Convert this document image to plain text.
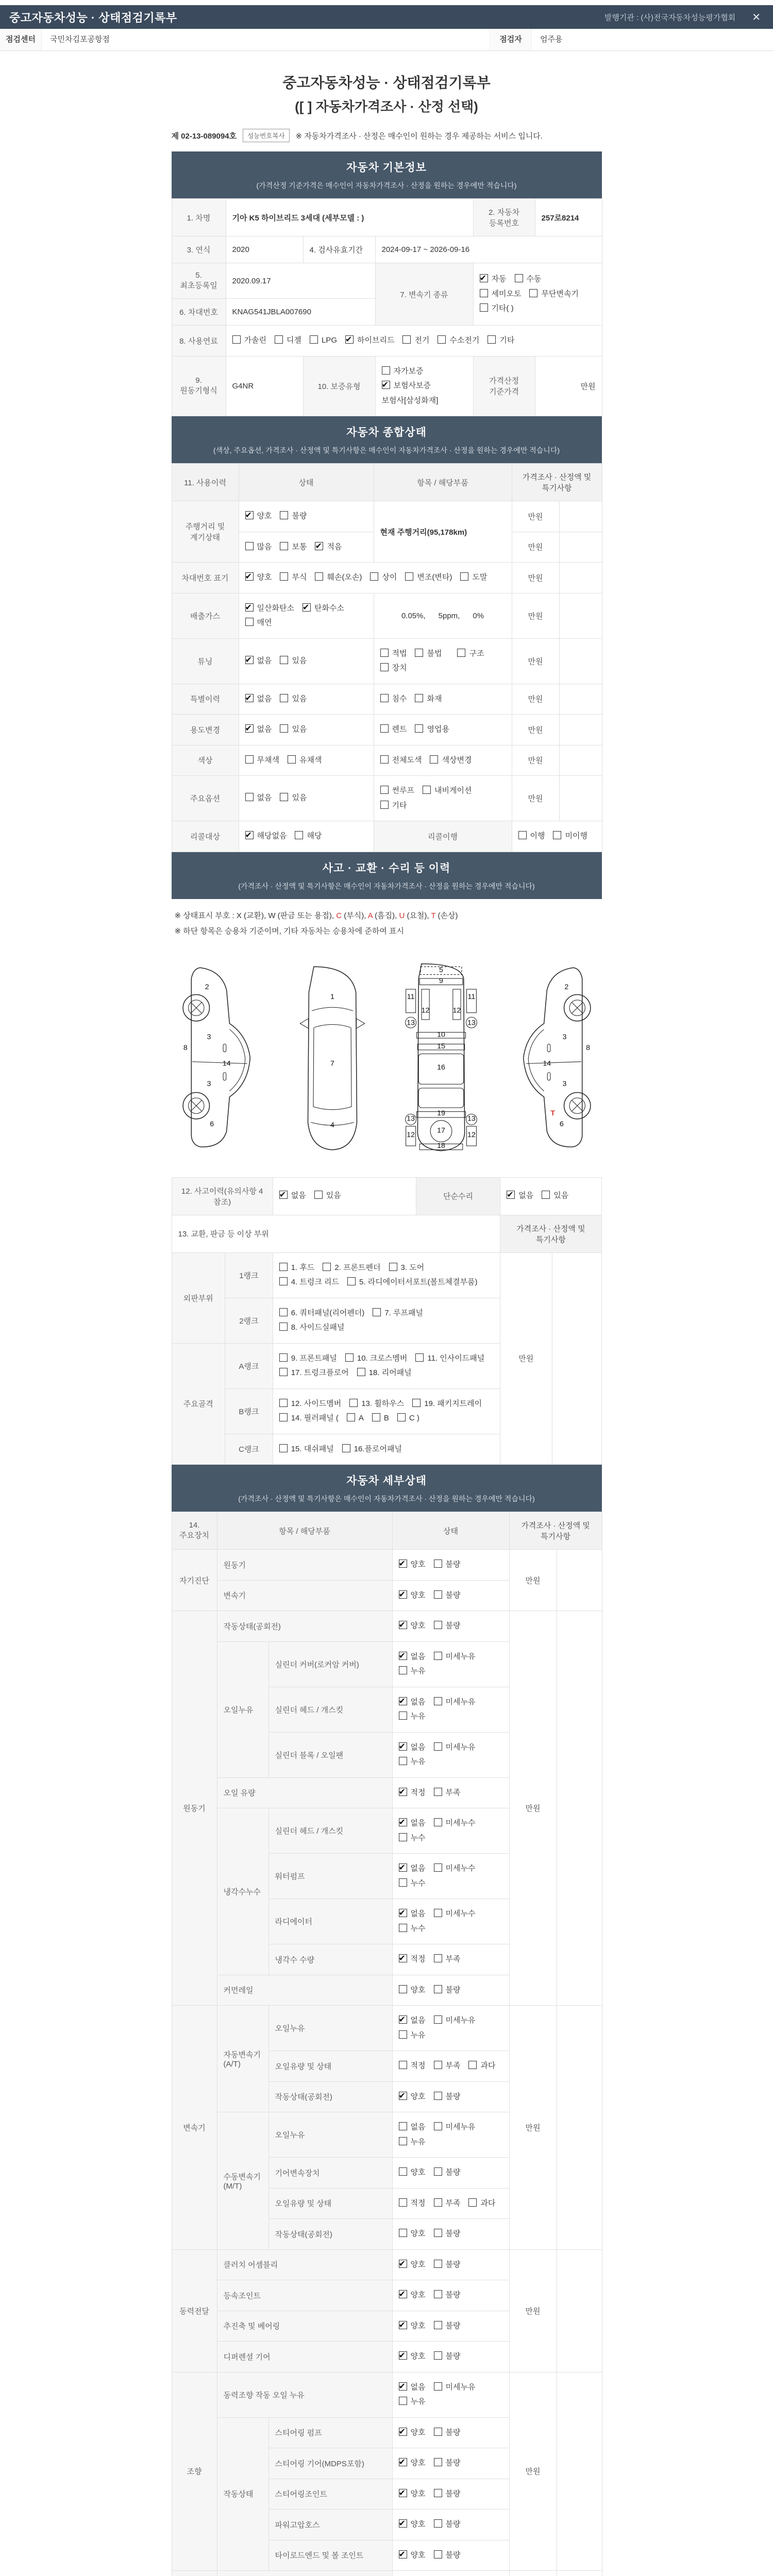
중고자동차성능 · 상태점검기록부	발행기관 : (사)전국자동차성능평가협회	✕
점검센터	국민차김포공항점	점검자	엄주용
중고자동차성능 · 상태점검기록부
([ ] 자동차가격조사 · 산정 선택)
제 02-13-089094호	성능번호복사	※ 자동차가격조사 · 산정은 매수인이 원하는 경우 제공하는 서비스 입니다.
자동차 기본정보
(가격산정 기준가격은 매수인이 자동차가격조사 · 산정을 원하는 경우에만 적습니다)
1. 차명	기아 K5 하이브리드 3세대 (세부모델 : )			2. 자동차 등록번호	257로8214
3. 연식	2020	4. 검사유효기간	2024-09-17 ~ 2026-09-16		
5. 최초등록일	2020.09.17		7. 변속기 종류	✔자동 수동세미오토 무단변속기기타( )
6. 차대번호	KNAG541JBLA007690				
8. 사용연료	가솔린 디젤 LPG ✔ 하이브리드 전기 수소전기 기타
9. 원동기형식	G4NR	10. 보증유형	자가보증✔보험사보증보험사[삼성화재]	가격산정 기준가격	만원
자동차 종합상태
(색상, 주요옵션, 가격조사 · 산정액 및 특기사항은 매수인이 자동차가격조사 · 산정을 원하는 경우에만 적습니다)
11. 사용이력	상태	항목 / 해당부품	가격조사 · 산정액 및 특기사항	
주행거리 및 계기상태	✔양호 불량	현재 주행거리(95,178km)	만원	
	많음 보통 ✔ 적음		만원	
차대번호 표기	✔양호 부식 훼손(오손) 상이 변조(변타) 도말		만원	
배출가스	✔일산화탄소 ✔ 탄화수소매연	0.05%,      5ppm,      0%	만원	
튜닝	✔없음 있음	적법 불법 구조장치	만원	
특별이력	✔없음 있음	침수 화재	만원	
용도변경	✔없음 있음	렌트 영업용	만원	
색상	무채색 유채색	전체도색 색상변경	만원	
주요옵션	없음 있음	썬루프 내비게이션기타	만원	
리콜대상	✔해당없음 해당	리콜이행	이행 미이행	
사고 · 교환 · 수리 등 이력
(가격조사 · 산정액 및 특기사항은 매수인이 자동차가격조사 · 산정을 원하는 경우에만 적습니다)
※ 상태표시 부호 : X (교환), W (판금 또는 용접), C (부식), A (흠집), U (요철), T (손상)
※ 하단 항목은 승용차 기준이며, 기타 자동차는 승용차에 준하여 표시
2
8
3
14
3
6
1
7
4
5
9
11	11
12	12
13	13
10
15
16
19
13	13
17
12	12
18
2
8
3
14
3
6
T
12. 사고이력(유의사항 4 참조)	✔없음 있음	단순수리	✔없음 있음
13. 교환, 판금 등 이상 부위				가격조사 · 산정액 및 특기사항	
외판부위	1랭크	1. 후드 2. 프론트펜더 3. 도어4. 트렁크 리드 5. 라디에이터서포트(볼트체결부품)		만원	
	2랭크	6. 쿼터패널(리어펜더) 7. 루프패널8. 사이드실패널			
주요골격	A랭크	9. 프론트패널 10. 크로스멤버 11. 인사이드패널17. 트렁크플로어 18. 리어패널			
	B랭크	12. 사이드멤버 13. 휠하우스 19. 패키지트레이14. 필러패널 ( A B C )			
	C랭크	15. 대쉬패널 16.플로어패널			
자동차 세부상태
(가격조사 · 산정액 및 특기사항은 매수인이 자동차가격조사 · 산정을 원하는 경우에만 적습니다)
14. 주요장치	항목 / 해당부품		상태	가격조사 · 산정액 및 특기사항	
자기진단	원동기	✔양호 불량	만원	
	변속기	✔양호 불량
원동기	작동상태(공회전)	✔양호 불량	만원	
	오일누유	실린더 커버(로커암 커버)	✔없음 미세누유누유
		실린더 헤드 / 개스킷	✔없음 미세누유누유
		실린더 블록 / 오일팬	✔없음 미세누유누유
	오일 유량	✔적정 부족
	냉각수누수	실린더 헤드 / 개스킷	✔없음 미세누수누수
		워터펌프	✔없음 미세누수누수
		라디에이터	✔없음 미세누수누수
		냉각수 수량	✔적정 부족
	커먼레일		양호 불량		
변속기	자동변속기 (A/T)	오일누유	✔없음 미세누유누유	만원	
		오일유량 및 상태	적정 부족 과다		
		작동상태(공회전)	✔양호 불량
	수동변속기 (M/T)	오일누유	없음 미세누유누유		
		기어변속장치	양호 불량		
		오일유량 및 상태	적정 부족 과다		
		작동상태(공회전)	양호 불량		
동력전달	클러치 어셈블리	✔양호 불량	만원	
	등속조인트	✔양호 불량
	추진축 및 베어링	✔양호 불량
	디퍼렌셜 기어	✔양호 불량
조향	동력조향 작동 오일 누유	✔없음 미세누유누유	만원	
	작동상태	스티어링 펌프	✔양호 불량
		스티어링 기어(MDPS포함)	✔양호 불량
		스티어링조인트	✔양호 불량
		파워고압호스	✔양호 불량
		타이로드엔드 및 볼 조인트	✔양호 불량
